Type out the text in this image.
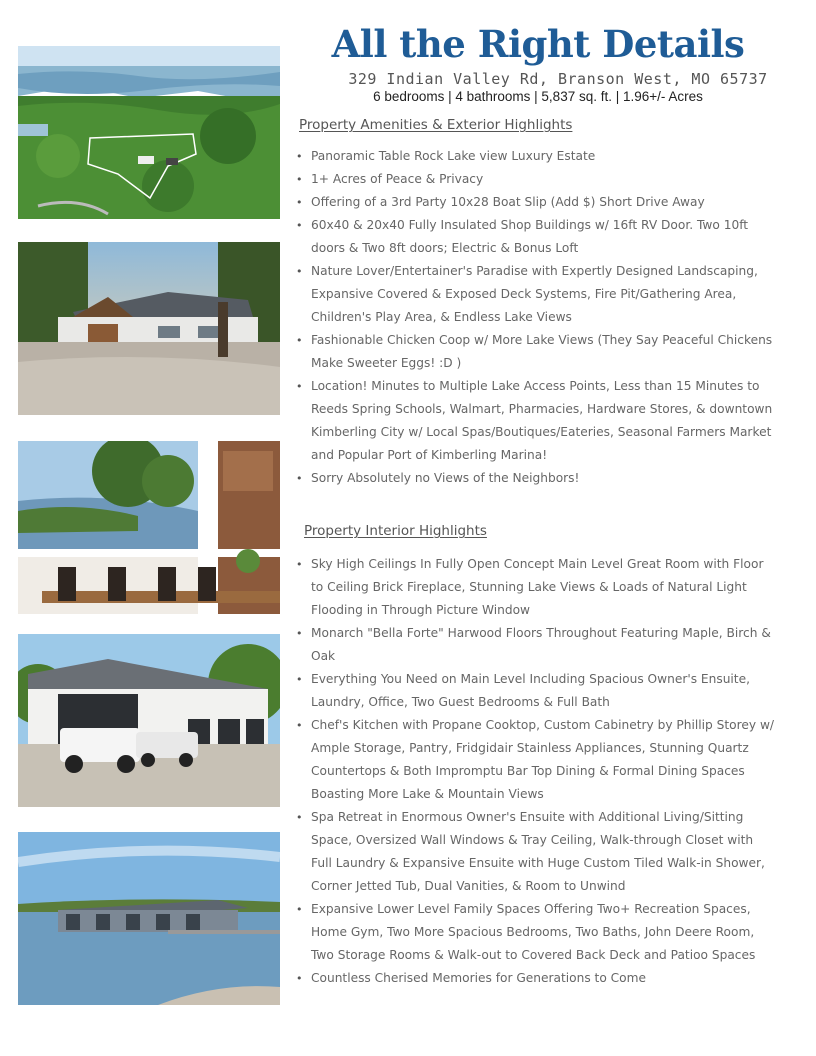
All the Right Details
329 Indian Valley Rd, Branson West, MO 65737
6 bedrooms | 4 bathrooms | 5,837 sq. ft. | 1.96+/- Acres
Property Amenities & Exterior Highlights
• Panoramic Table Rock Lake view Luxury Estate
• 1+ Acres of Peace & Privacy
• Offering of a 3rd Party 10x28 Boat Slip (Add $) Short Drive Away
• 60x40 & 20x40 Fully Insulated Shop Buildings w/ 16ft RV Door. Two 10ft doors & Two 8ft doors; Electric & Bonus Loft
• Nature Lover/Entertainer's Paradise with Expertly Designed Landscaping, Expansive Covered & Exposed Deck Systems, Fire Pit/Gathering Area, Children's Play Area, & Endless Lake Views
• Fashionable Chicken Coop w/ More Lake Views (They Say Peaceful Chickens Make Sweeter Eggs! :D )
• Location! Minutes to Multiple Lake Access Points, Less than 15 Minutes to Reeds Spring Schools, Walmart, Pharmacies, Hardware Stores, & downtown Kimberling City w/ Local Spas/Boutiques/Eateries, Seasonal Farmers Market and Popular Port of Kimberling Marina!
• Sorry Absolutely no Views of the Neighbors!
Property Interior Highlights
• Sky High Ceilings In Fully Open Concept Main Level Great Room with Floor to Ceiling Brick Fireplace, Stunning Lake Views & Loads of Natural Light Flooding in Through Picture Window
• Monarch "Bella Forte" Harwood Floors Throughout Featuring Maple, Birch & Oak
• Everything You Need on Main Level Including Spacious Owner's Ensuite, Laundry, Office, Two Guest Bedrooms & Full Bath
• Chef's Kitchen with Propane Cooktop, Custom Cabinetry by Phillip Storey w/ Ample Storage, Pantry, Fridgidair Stainless Appliances, Stunning Quartz Countertops & Both Impromptu Bar Top Dining & Formal Dining Spaces Boasting More Lake & Mountain Views
• Spa Retreat in Enormous Owner's Ensuite with Additional Living/Sitting Space, Oversized Wall Windows & Tray Ceiling, Walk-through Closet with Full Laundry & Expansive Ensuite with Huge Custom Tiled Walk-in Shower, Corner Jetted Tub, Dual Vanities, & Room to Unwind
• Expansive Lower Level Family Spaces Offering Two+ Recreation Spaces, Home Gym, Two More Spacious Bedrooms, Two Baths, John Deere Room, Two Storage Rooms & Walk-out to Covered Back Deck and Patioo Spaces
• Countless Cherised Memories for Generations to Come
